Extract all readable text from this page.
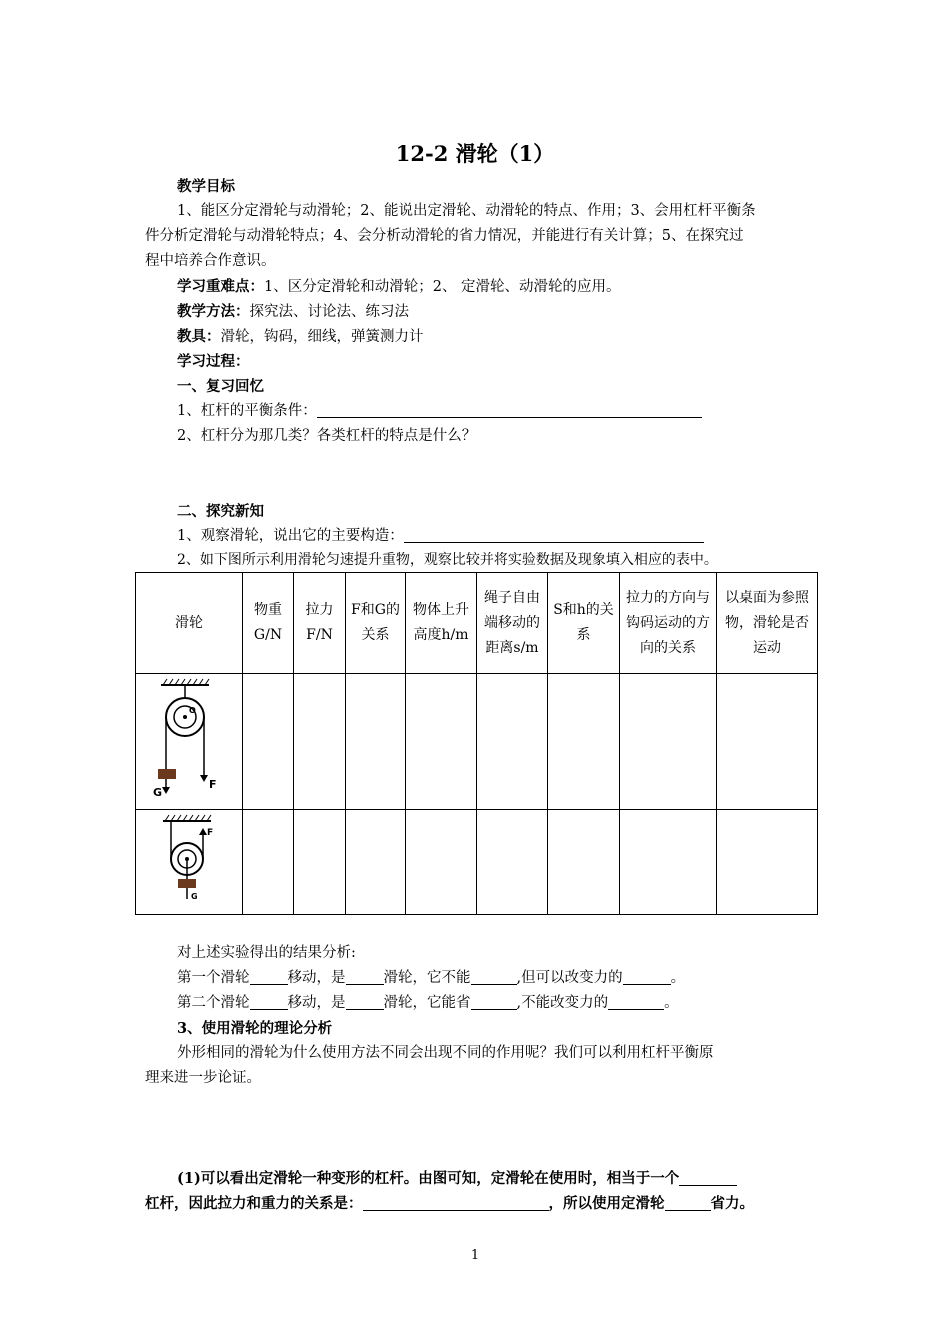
12-2 滑轮（1）
教学目标
1、能区分定滑轮与动滑轮；2、能说出定滑轮、动滑轮的特点、作用；3、会用杠杆平衡条
件分析定滑轮与动滑轮特点；4、会分析动滑轮的省力情况，并能进行有关计算；5、在探究过
程中培养合作意识。
学习重难点：1、区分定滑轮和动滑轮；2、 定滑轮、动滑轮的应用。
教学方法：探究法、讨论法、练习法
教具：滑轮，钩码，细线，弹簧测力计
学习过程：
一、复习回忆
1、杠杆的平衡条件：
2、杠杆分为那几类？各类杠杆的特点是什么？
二、探究新知
1、观察滑轮，说出它的主要构造：
2、如下图所示利用滑轮匀速提升重物，观察比较并将实验数据及现象填入相应的表中。
滑轮	物重G/N	拉力F/N	F和G的关系	物体上升高度h/m	绳子自由端移动的距离s/m	S和h的关系	拉力的方向与钩码运动的方向的关系	以桌面为参照物，滑轮是否运动

O
G
F								

F
G								

对上述实验得出的结果分析:
第一个滑轮	移动，是	滑轮，它不能	,但可以改变力的	。
第二个滑轮	移动，是	滑轮，它能省	,不能改变力的	。
3、使用滑轮的理论分析
外形相同的滑轮为什么使用方法不同会出现不同的作用呢？我们可以利用杠杆平衡原
理来进一步论证。
(1)可以看出定滑轮一种变形的杠杆。由图可知，定滑轮在使用时，相当于一个
杠杆，因此拉力和重力的关系是：	，所以使用定滑轮	省力。
1
